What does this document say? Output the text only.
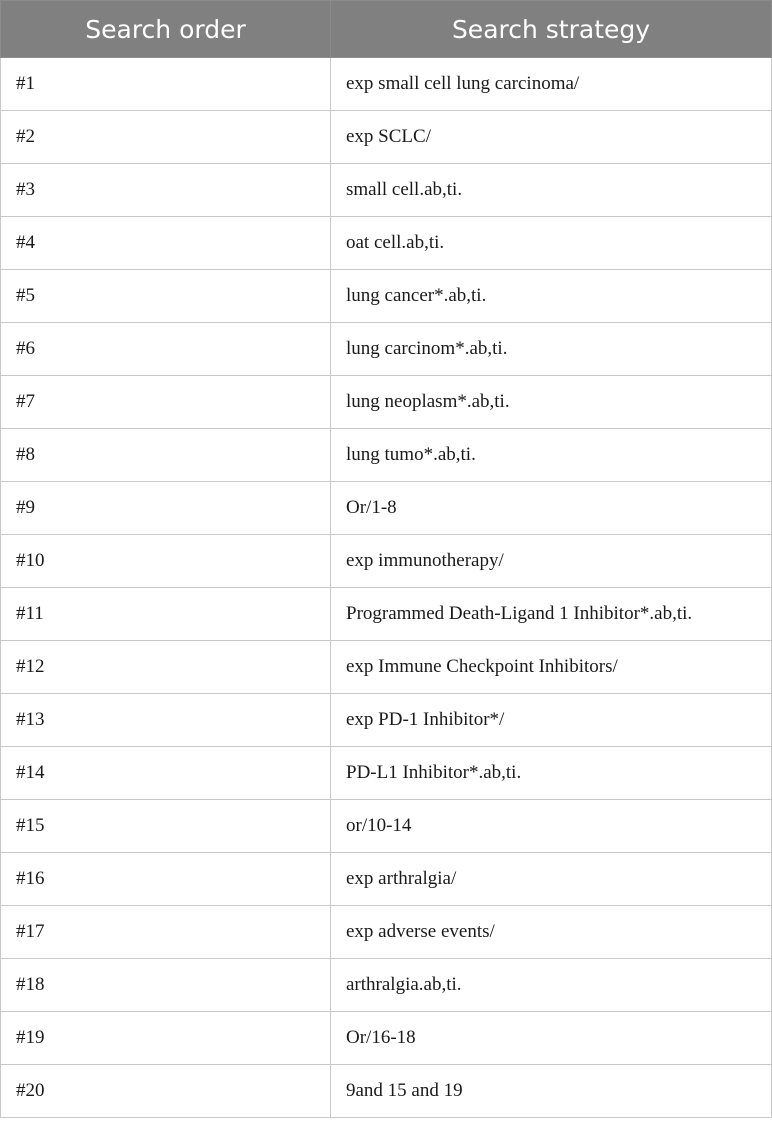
Search order	Search strategy
#1	exp small cell lung carcinoma/
#2	exp SCLC/
#3	small cell.ab,ti.
#4	oat cell.ab,ti.
#5	lung cancer*.ab,ti.
#6	lung carcinom*.ab,ti.
#7	lung neoplasm*.ab,ti.
#8	lung tumo*.ab,ti.
#9	Or/1-8
#10	exp immunotherapy/
#11	Programmed Death-Ligand 1 Inhibitor*.ab,ti.
#12	exp Immune Checkpoint Inhibitors/
#13	exp PD-1 Inhibitor*/
#14	PD-L1 Inhibitor*.ab,ti.
#15	or/10-14
#16	exp arthralgia/
#17	exp adverse events/
#18	arthralgia.ab,ti.
#19	Or/16-18
#20	9and 15 and 19
